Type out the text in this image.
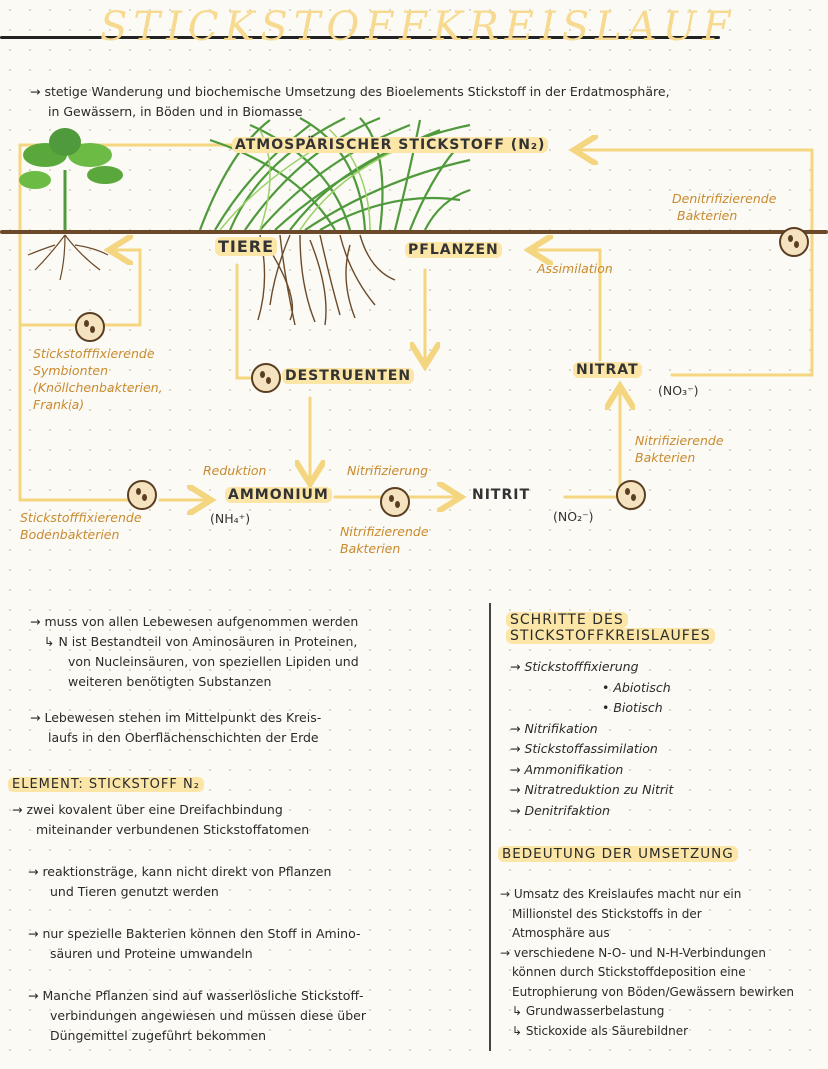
STICKSTOFFKREISLAUF
→ stetige Wanderung und biochemische Umsetzung des Bioelements Stickstoff in der Erdatmosphäre,
in Gewässern, in Böden und in Biomasse
ATMOSPÄRISCHER STICKSTOFF (N₂)
TIERE	PFLANZEN
DESTRUENTEN	NITRAT
(NO₃⁻)
AMMONIUM
(NH₄⁺)
NITRIT
(NO₂⁻)
Denitrifizierende
Bakterien
Assimilation
Stickstofffixierende
Symbionten
(Knöllchenbakterien,
Frankia)
Nitrifizierende
Bakterien
Reduktion	Nitrifizierung
Stickstofffixierende
Bodenbakterien	Nitrifizierende
Bakterien
→ muss von allen Lebewesen aufgenommen werden
↳ N ist Bestandteil von Aminosäuren in Proteinen,
von Nucleinsäuren, von speziellen Lipiden und
weiteren benötigten Substanzen
→ Lebewesen stehen im Mittelpunkt des Kreis-
laufs in den Oberflächenschichten der Erde
ELEMENT: STICKSTOFF N₂
→ zwei kovalent über eine Dreifachbindung
miteinander verbundenen Stickstoffatomen
→ reaktionsträge, kann nicht direkt von Pflanzen
und Tieren genutzt werden
→ nur spezielle Bakterien können den Stoff in Amino-
säuren und Proteine umwandeln
→ Manche Pflanzen sind auf wasserlösliche Stickstoff-
verbindungen angewiesen und müssen diese über
Düngemittel zugeführt bekommen
SCHRITTE DES
STICKSTOFFKREISLAUFES
→ Stickstofffixierung
• Abiotisch
• Biotisch
→ Nitrifikation
→ Stickstoffassimilation
→ Ammonifikation
→ Nitratreduktion zu Nitrit
→ Denitrifaktion
BEDEUTUNG DER UMSETZUNG
→ Umsatz des Kreislaufes macht nur ein
Millionstel des Stickstoffs in der
Atmosphäre aus
→ verschiedene N-O- und N-H-Verbindungen
können durch Stickstoffdeposition eine
Eutrophierung von Böden/Gewässern bewirken
↳ Grundwasserbelastung
↳ Stickoxide als Säurebildner
